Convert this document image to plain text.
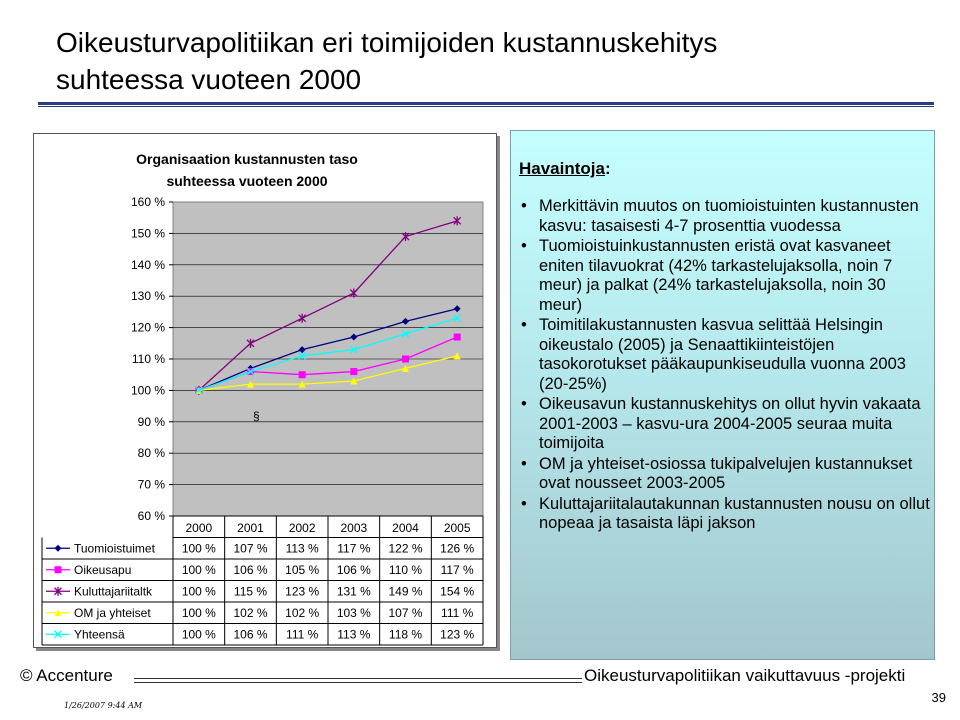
Oikeusturvapolitiikan eri toimijoiden kustannuskehitys
suhteessa vuoteen 2000
Organisaation kustannusten taso
suhteessa vuoteen 2000
60 %
70 %
80 %
90 %
100 %
110 %
120 %
130 %
140 %
150 %
160 %
§
2000 2001 2002 2003 2004 2005
Tuomioistuimet 100 % 107 % 113 % 117 % 122 % 126 %
Oikeusapu	100 % 106 % 105 % 106 % 110 % 117 %
Kuluttajariitaltk 100 % 115 % 123 % 131 % 149 % 154 %
OM ja yhteiset	100 % 102 % 102 % 103 % 107 % 111 %
Yhteensä	100 % 106 % 111 % 113 % 118 % 123 %
Havaintoja:
• Merkittävin muutos on tuomioistuinten kustannusten kasvu: tasaisesti 4-7 prosenttia vuodessa
• Tuomioistuinkustannusten eristä ovat kasvaneet eniten tilavuokrat (42% tarkastelujaksolla, noin 7 meur) ja palkat (24% tarkastelujaksolla, noin 30 meur)
• Toimitilakustannusten kasvua selittää Helsingin oikeustalo (2005) ja Senaattikiinteistöjen tasokorotukset pääkaupunkiseudulla vuonna 2003 (20-25%)
• Oikeusavun kustannuskehitys on ollut hyvin vakaata 2001-2003 – kasvu-ura 2004-2005 seuraa muita toimijoita
• OM ja yhteiset-osiossa tukipalvelujen kustannukset ovat nousseet 2003-2005
• Kuluttajariitalautakunnan kustannusten nousu on ollut nopeaa ja tasaista läpi jakson
© Accenture	Oikeusturvapolitiikan vaikuttavuus -projekti
39
1/26/2007 9:44 AM
